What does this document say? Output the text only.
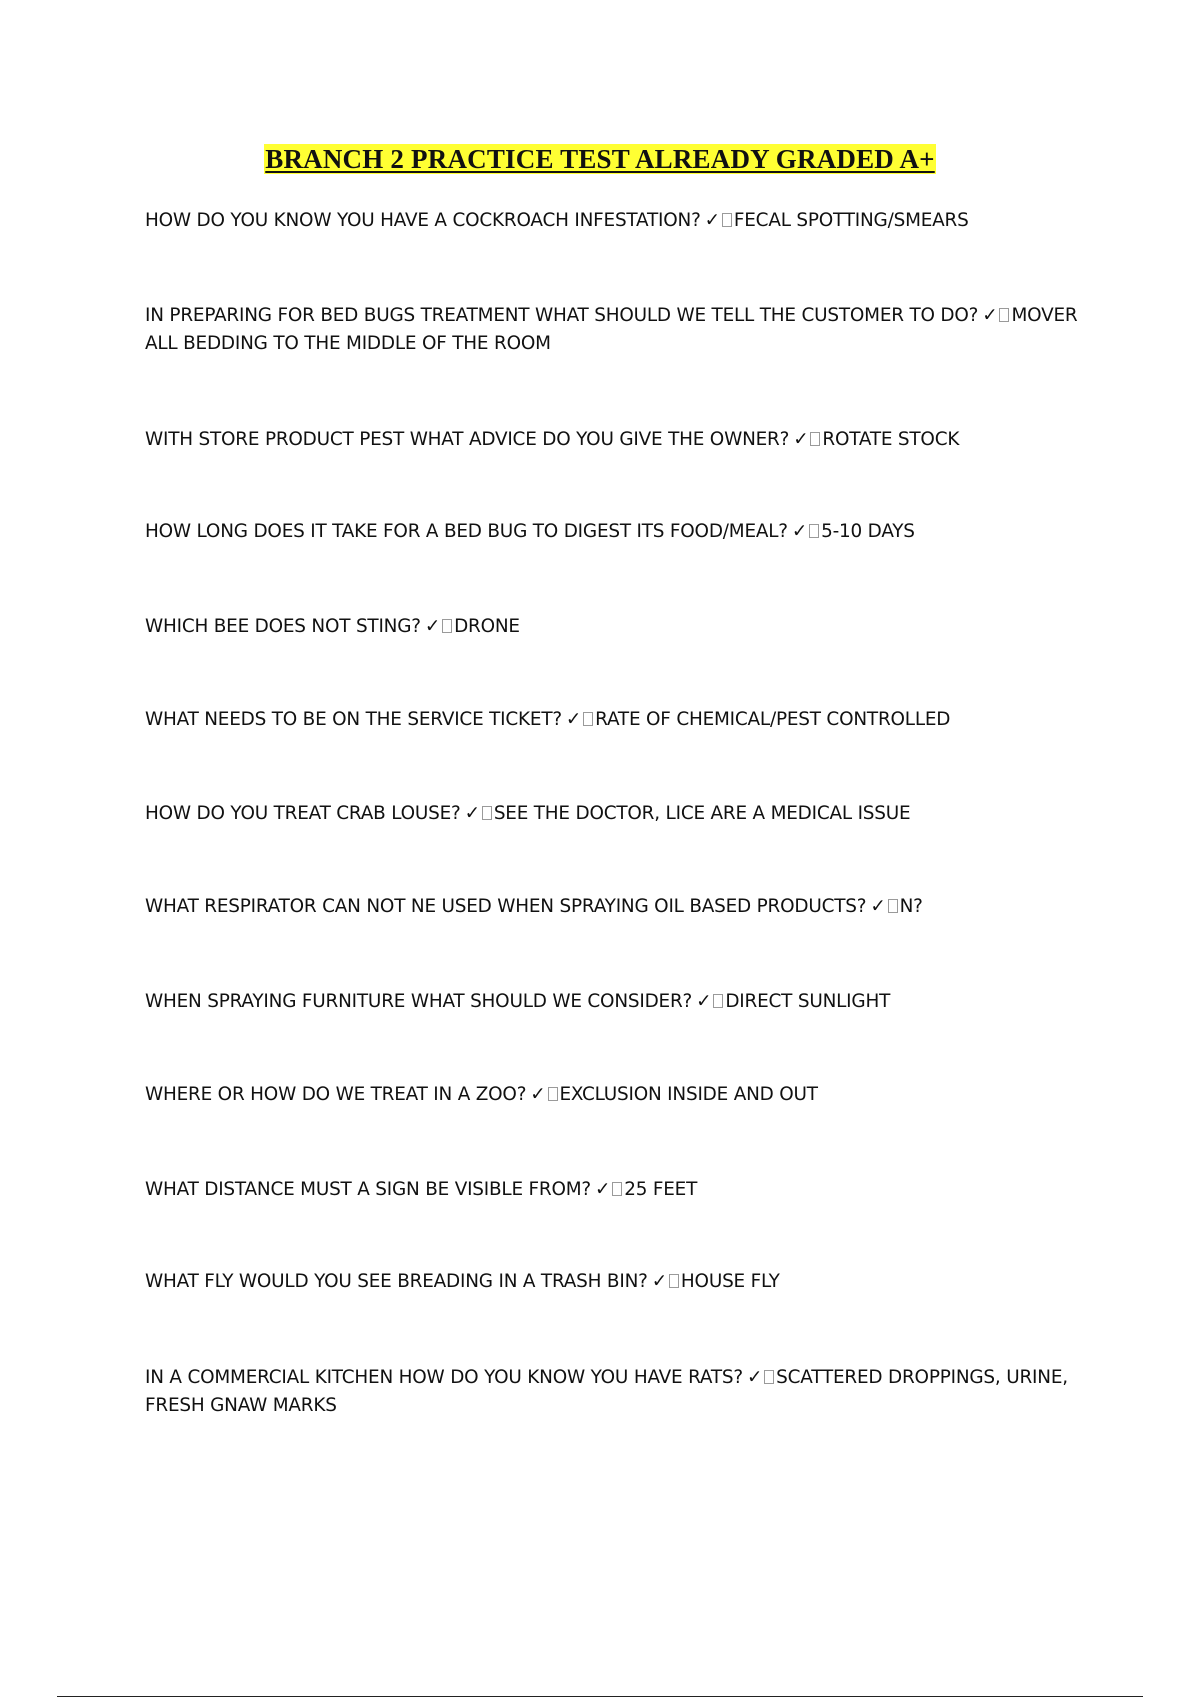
BRANCH 2 PRACTICE TEST ALREADY GRADED A+
HOW DO YOU KNOW YOU HAVE A COCKROACH INFESTATION? ✓ FECAL SPOTTING/SMEARS
IN PREPARING FOR BED BUGS TREATMENT WHAT SHOULD WE TELL THE CUSTOMER TO DO? ✓ MOVER ALL BEDDING TO THE MIDDLE OF THE ROOM
WITH STORE PRODUCT PEST WHAT ADVICE DO YOU GIVE THE OWNER? ✓ ROTATE STOCK
HOW LONG DOES IT TAKE FOR A BED BUG TO DIGEST ITS FOOD/MEAL? ✓ 5-10 DAYS
WHICH BEE DOES NOT STING? ✓ DRONE
WHAT NEEDS TO BE ON THE SERVICE TICKET? ✓ RATE OF CHEMICAL/PEST CONTROLLED
HOW DO YOU TREAT CRAB LOUSE? ✓ SEE THE DOCTOR, LICE ARE A MEDICAL ISSUE
WHAT RESPIRATOR CAN NOT NE USED WHEN SPRAYING OIL BASED PRODUCTS? ✓ N?
WHEN SPRAYING FURNITURE WHAT SHOULD WE CONSIDER? ✓ DIRECT SUNLIGHT
WHERE OR HOW DO WE TREAT IN A ZOO? ✓ EXCLUSION INSIDE AND OUT
WHAT DISTANCE MUST A SIGN BE VISIBLE FROM? ✓ 25 FEET
WHAT FLY WOULD YOU SEE BREADING IN A TRASH BIN? ✓ HOUSE FLY
IN A COMMERCIAL KITCHEN HOW DO YOU KNOW YOU HAVE RATS? ✓ SCATTERED DROPPINGS, URINE, FRESH GNAW MARKS
